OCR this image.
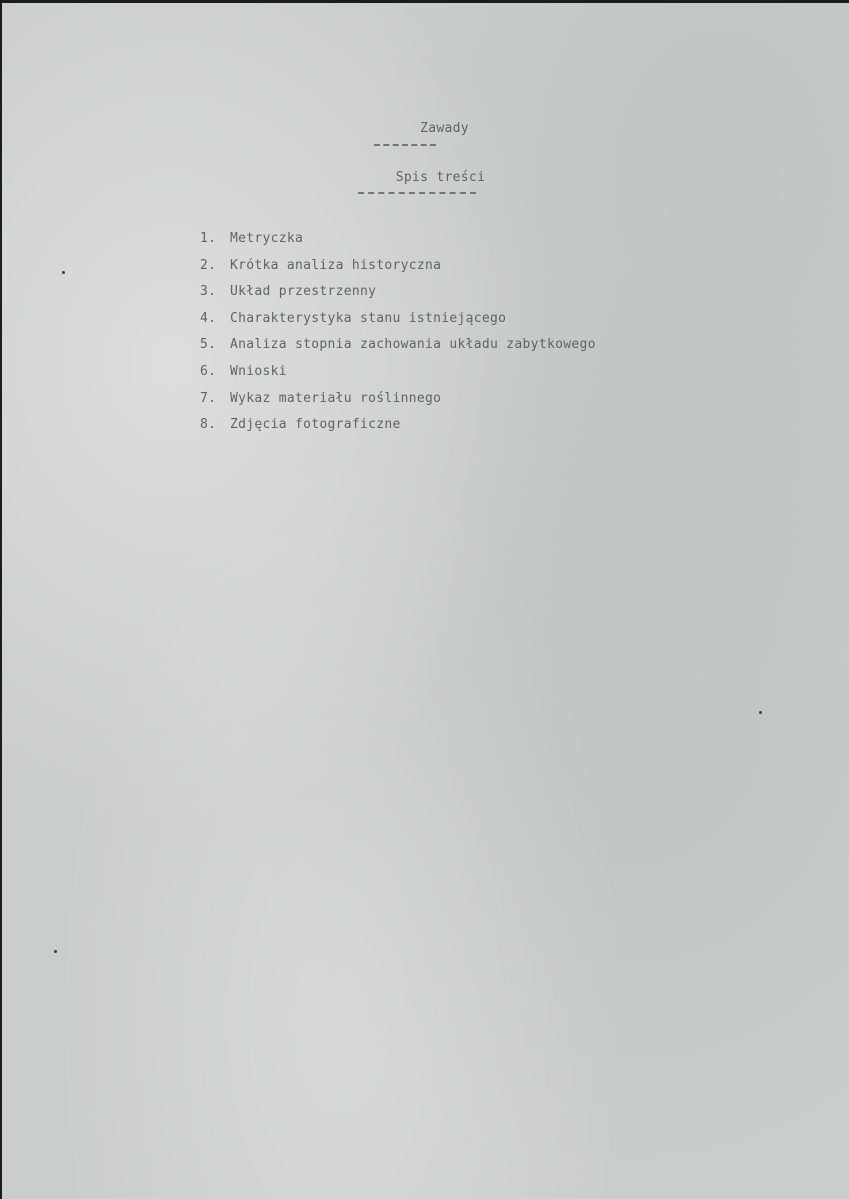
Zawady
Spis treści
1.	Metryczka
2.	Krótka analiza historyczna
3.	Układ przestrzenny
4.	Charakterystyka stanu istniejącego
5.	Analiza stopnia zachowania układu zabytkowego
6.	Wnioski
7.	Wykaz materiału roślinnego
8.	Zdjęcia fotograficzne
